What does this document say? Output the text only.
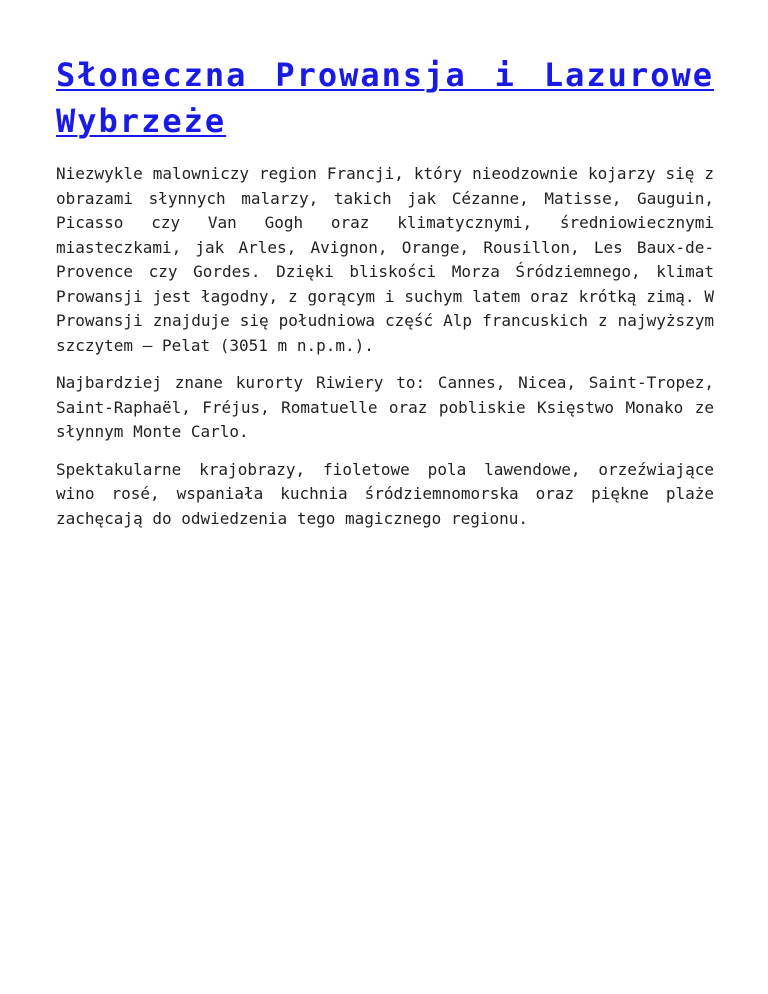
Słoneczna Prowansja i Lazurowe Wybrzeże

Niezwykle malowniczy region Francji, który nieodzownie kojarzy się z obrazami słynnych malarzy, takich jak Cézanne, Matisse, Gauguin, Picasso czy Van Gogh oraz klimatycznymi, średniowiecznymi miasteczkami, jak Arles, Avignon, Orange, Rousillon, Les Baux-de-Provence czy Gordes. Dzięki bliskości Morza Śródziemnego, klimat Prowansji jest łagodny, z gorącym i suchym latem oraz krótką zimą. W Prowansji znajduje się południowa część Alp francuskich z najwyższym szczytem – Pelat (3051 m n.p.m.).

Najbardziej znane kurorty Riwiery to: Cannes, Nicea, Saint-Tropez, Saint-Raphaël, Fréjus, Romatuelle oraz pobliskie Księstwo Monako ze słynnym Monte Carlo.

Spektakularne krajobrazy, fioletowe pola lawendowe, orzeźwiające wino rosé, wspaniała kuchnia śródziemnomorska oraz piękne plaże zachęcają do odwiedzenia tego magicznego regionu.
